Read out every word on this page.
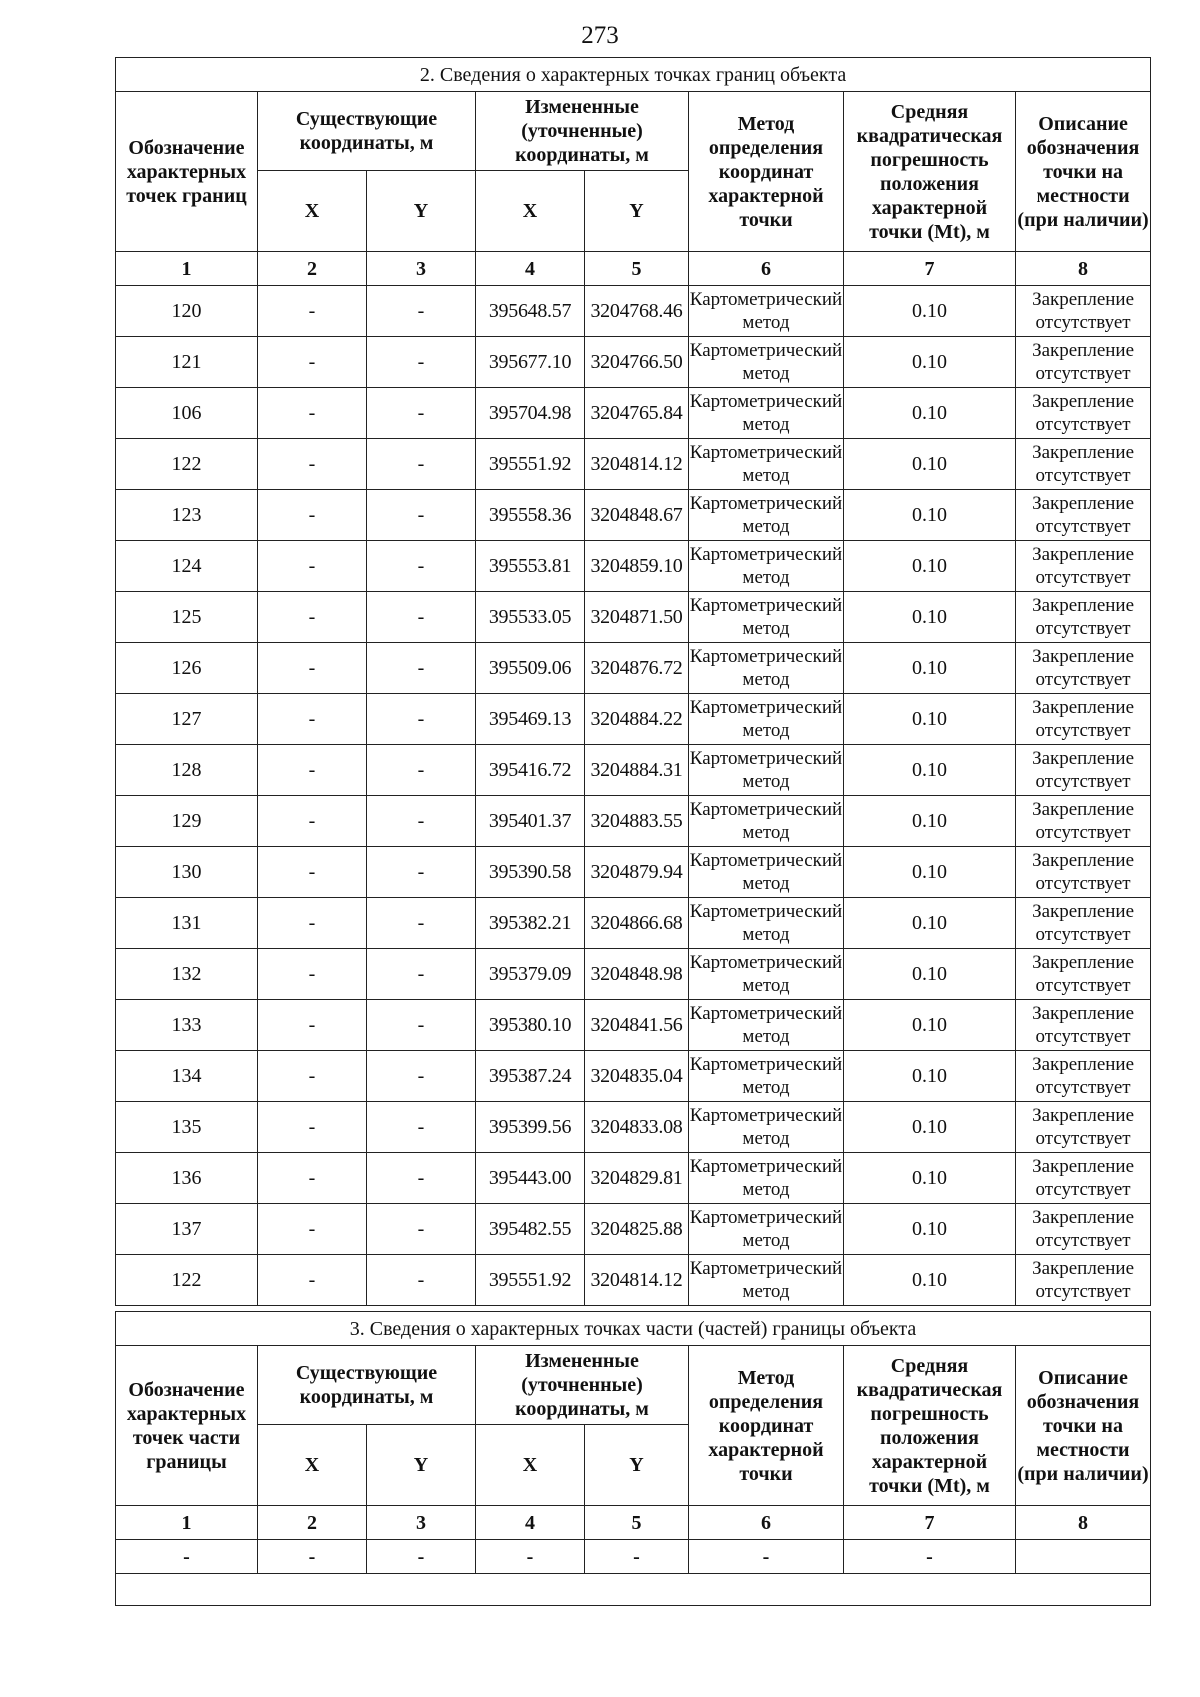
273
2. Сведения о характерных точках границ объекта							
Обозначение характерных точек границ	Существующие координаты, м		Измененные (уточненные) координаты, м		Метод определения координат характерной точки	Средняя квадратическая погрешность положения характерной точки (Mt), м	Описание обозначения точки на местности (при наличии)
	X	Y	X	Y			
1	2	3	4	5	6	7	8
120	-	-	395648.57	3204768.46	Картометрический метод	0.10	Закрепление отсутствует
121	-	-	395677.10	3204766.50	Картометрический метод	0.10	Закрепление отсутствует
106	-	-	395704.98	3204765.84	Картометрический метод	0.10	Закрепление отсутствует
122	-	-	395551.92	3204814.12	Картометрический метод	0.10	Закрепление отсутствует
123	-	-	395558.36	3204848.67	Картометрический метод	0.10	Закрепление отсутствует
124	-	-	395553.81	3204859.10	Картометрический метод	0.10	Закрепление отсутствует
125	-	-	395533.05	3204871.50	Картометрический метод	0.10	Закрепление отсутствует
126	-	-	395509.06	3204876.72	Картометрический метод	0.10	Закрепление отсутствует
127	-	-	395469.13	3204884.22	Картометрический метод	0.10	Закрепление отсутствует
128	-	-	395416.72	3204884.31	Картометрический метод	0.10	Закрепление отсутствует
129	-	-	395401.37	3204883.55	Картометрический метод	0.10	Закрепление отсутствует
130	-	-	395390.58	3204879.94	Картометрический метод	0.10	Закрепление отсутствует
131	-	-	395382.21	3204866.68	Картометрический метод	0.10	Закрепление отсутствует
132	-	-	395379.09	3204848.98	Картометрический метод	0.10	Закрепление отсутствует
133	-	-	395380.10	3204841.56	Картометрический метод	0.10	Закрепление отсутствует
134	-	-	395387.24	3204835.04	Картометрический метод	0.10	Закрепление отсутствует
135	-	-	395399.56	3204833.08	Картометрический метод	0.10	Закрепление отсутствует
136	-	-	395443.00	3204829.81	Картометрический метод	0.10	Закрепление отсутствует
137	-	-	395482.55	3204825.88	Картометрический метод	0.10	Закрепление отсутствует
122	-	-	395551.92	3204814.12	Картометрический метод	0.10	Закрепление отсутствует
3. Сведения о характерных точках части (частей) границы объекта							
Обозначение характерных точек части границы	Существующие координаты, м		Измененные (уточненные) координаты, м		Метод определения координат характерной точки	Средняя квадратическая погрешность положения характерной точки (Mt), м	Описание обозначения точки на местности (при наличии)
	X	Y	X	Y			
1	2	3	4	5	6	7	8
-	-	-	-	-	-	-	
